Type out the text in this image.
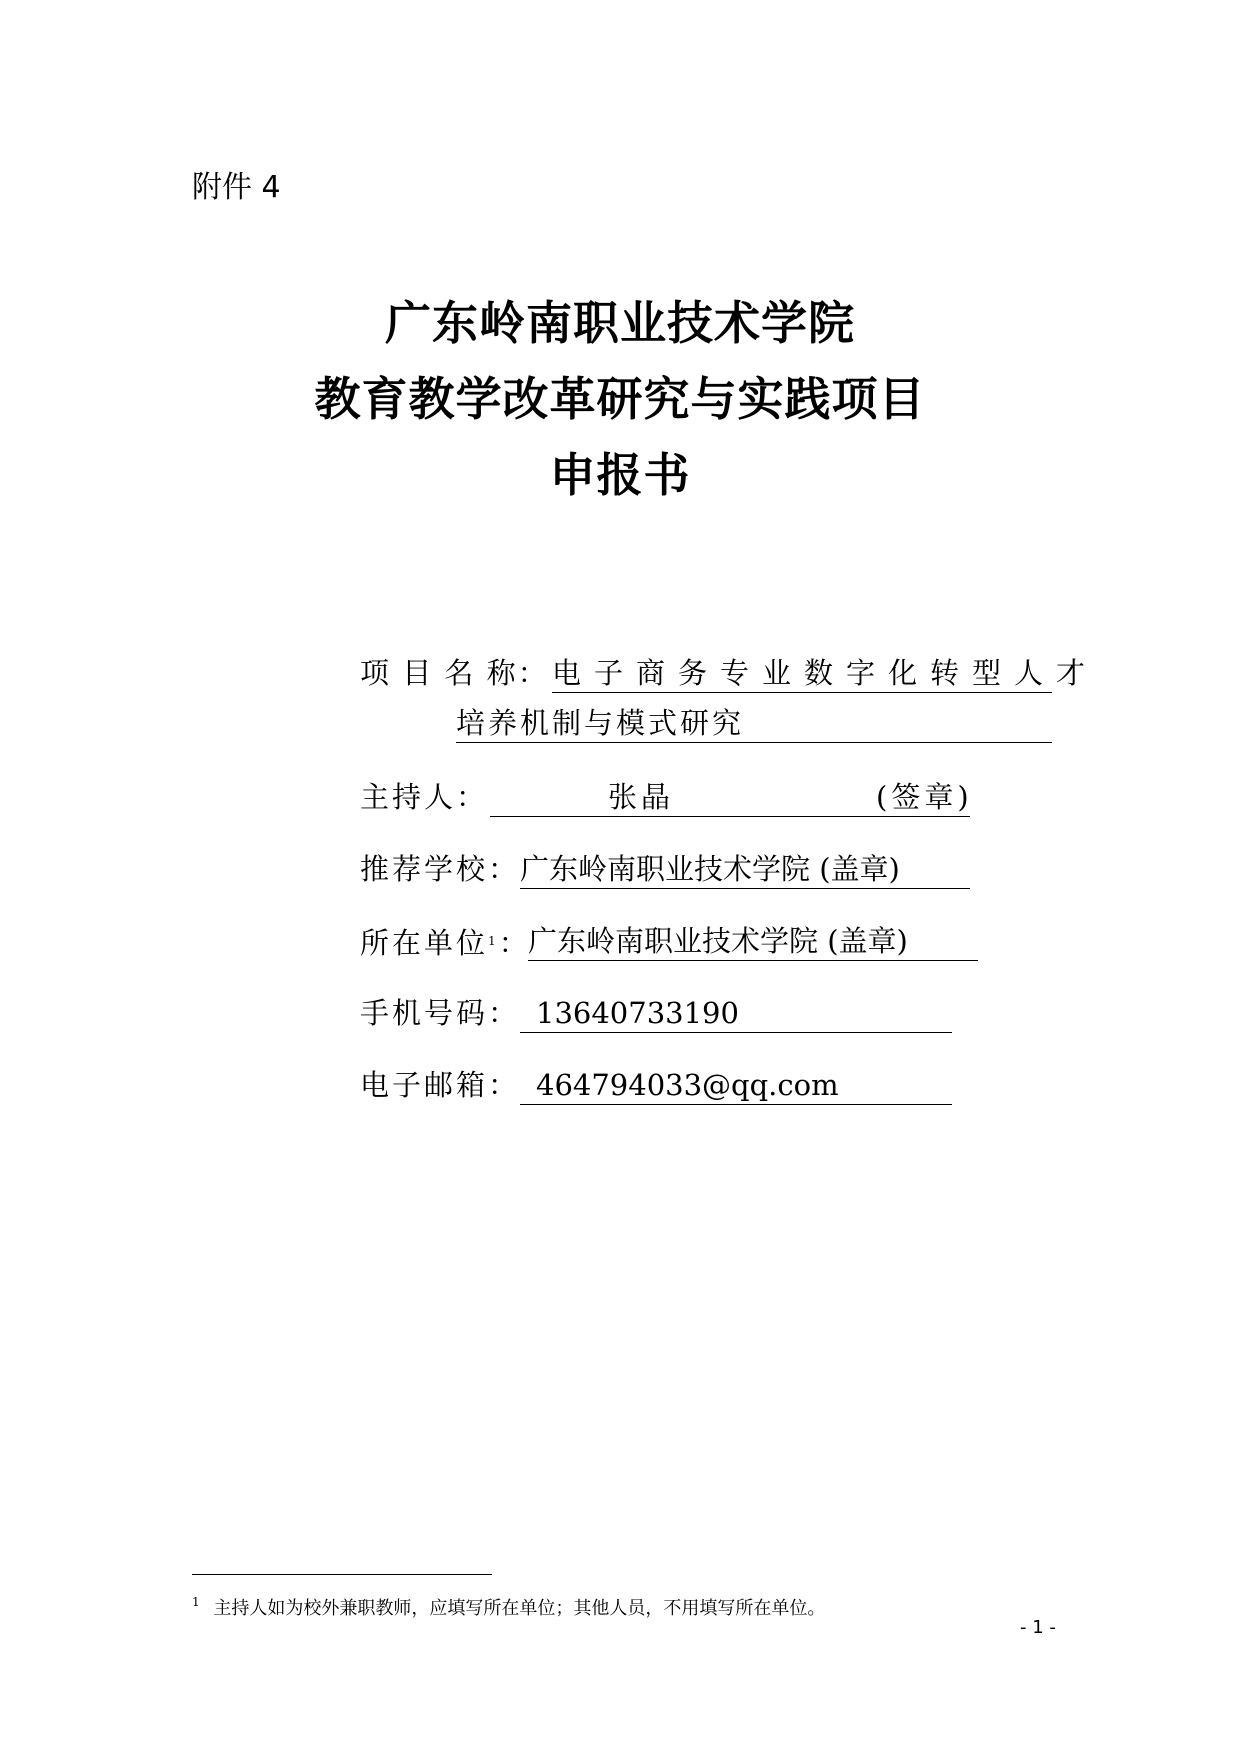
附件 4
广东岭南职业技术学院
教育教学改革研究与实践项目
申报书
项 目 名 称： 电子商务专业数字化转型人才
培养机制与模式研究
主持人：	张晶	(签章)
推荐学校： 广东岭南职业技术学院 (盖章)
所在单位$^1$：
广东岭南职业技术学院 (盖章)
手机号码： 13640733190
电子邮箱： 464794033@qq.com
$^1$ 主持人如为校外兼职教师，应填写所在单位；其他人员，不用填写所在单位。
- 1 -
